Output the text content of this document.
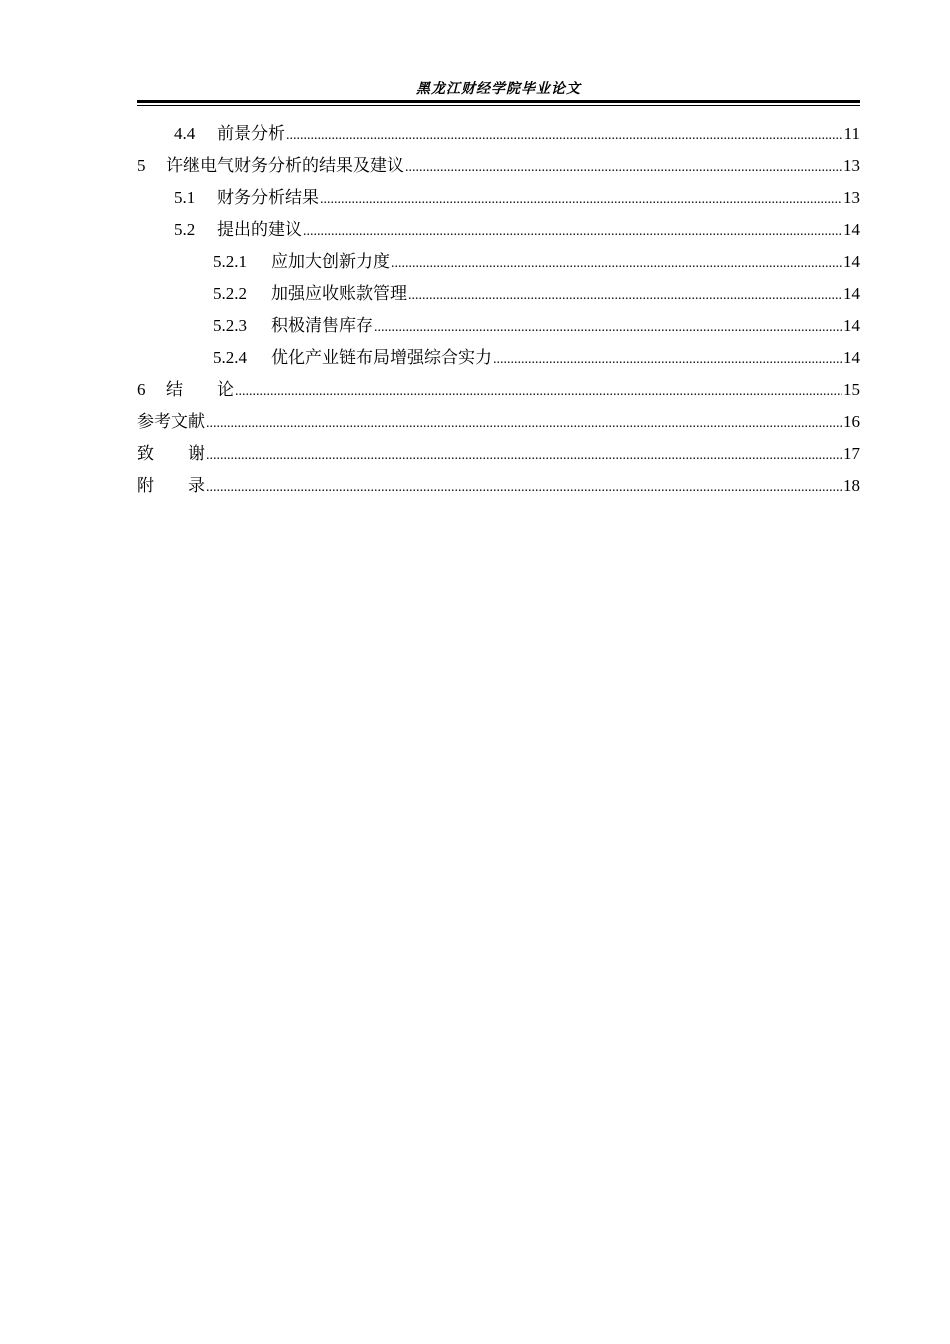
黑龙江财经学院毕业论文
4.4	前景分析 .....	11
5	许继电气财务分析的结果及建议 .....	13
5.1	财务分析结果 .....	13
5.2	提出的建议 .....	14
5.2.1	应加大创新力度 .....	14
5.2.2	加强应收账款管理 .....	14
5.2.3	积极清售库存 .....	14
5.2.4	优化产业链布局增强综合实力 .....	14
6	结　　论 .....	15
参考文献 .....	16
致　　谢 .....	17
附　　录 .....	18
